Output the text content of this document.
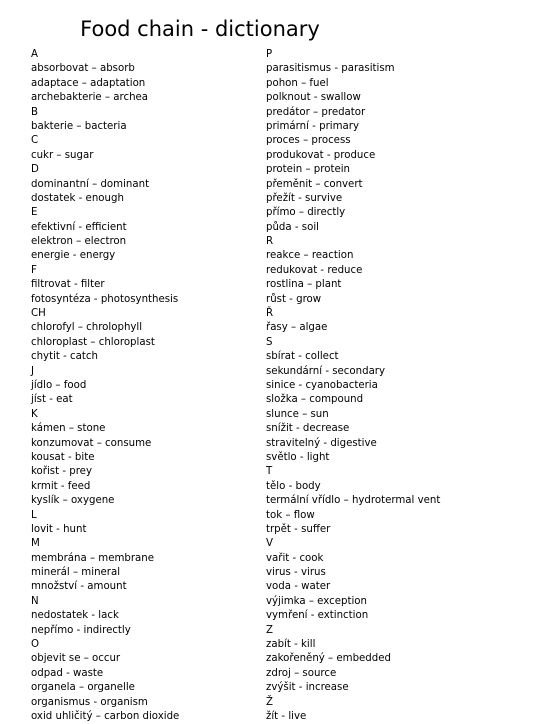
Food chain - dictionary
A
absorbovat – absorb
adaptace – adaptation
archebakterie – archea
B
bakterie – bacteria
C
cukr – sugar
D
dominantní – dominant
dostatek - enough
E
efektivní - efficient
elektron – electron
energie - energy
F
filtrovat - filter
fotosyntéza - photosynthesis
CH
chlorofyl – chrolophyll
chloroplast – chloroplast
chytit - catch
J
jídlo – food
jíst - eat
K
kámen – stone
konzumovat – consume
kousat - bite
kořist - prey
krmit - feed
kyslík – oxygene
L
lovit - hunt
M
membrána – membrane
minerál – mineral
množství - amount
N
nedostatek - lack
nepřímo - indirectly
O
objevit se – occur
odpad - waste
organela – organelle
organismus - organism
oxid uhličitý – carbon dioxide
P
parasitismus - parasitism
pohon – fuel
polknout - swallow
predátor – predator
primární - primary
proces – process
produkovat - produce
protein – protein
přeměnit – convert
přežít - survive
přímo – directly
půda - soil
R
reakce – reaction
redukovat - reduce
rostlina – plant
růst - grow
Ř
řasy – algae
S
sbírat - collect
sekundární - secondary
sinice - cyanobacteria
složka – compound
slunce – sun
snížit - decrease
stravitelný - digestive
světlo - light
T
tělo - body
termální vřídlo – hydrotermal vent
tok – flow
trpět - suffer
V
vařit - cook
virus - virus
voda - water
výjimka – exception
vymření - extinction
Z
zabít - kill
zakořeněný – embedded
zdroj – source
zvýšit - increase
Ž
žít - live
